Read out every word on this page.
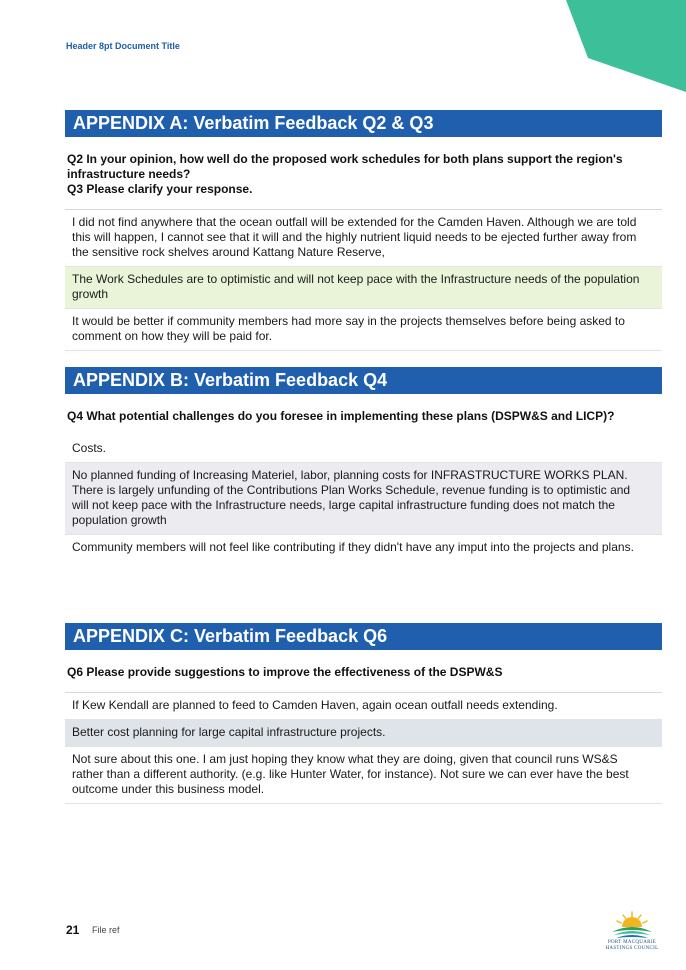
Header 8pt Document Title
APPENDIX A: Verbatim Feedback Q2 & Q3
Q2 In your opinion, how well do the proposed work schedules for both plans support the region's infrastructure needs?
Q3 Please clarify your response.
I did not find anywhere that the ocean outfall will be extended for the Camden Haven. Although we are told this will happen, I cannot see that it will and the highly nutrient liquid needs to be ejected further away from the sensitive rock shelves around Kattang Nature Reserve,
The Work Schedules are to optimistic and will not keep pace with the Infrastructure needs of the population growth
It would be better if community members had more say in the projects themselves before being asked to comment on how they will be paid for.
APPENDIX B: Verbatim Feedback Q4
Q4 What potential challenges do you foresee in implementing these plans (DSPW&S and LICP)?
Costs.
No planned funding of Increasing Materiel, labor, planning costs for INFRASTRUCTURE WORKS PLAN. There is largely unfunding of the Contributions Plan Works Schedule, revenue funding is to optimistic and will not keep pace with the Infrastructure needs, large capital infrastructure funding does not match the population growth
Community members will not feel like contributing if they didn't have any imput into the projects and plans.
APPENDIX C: Verbatim Feedback Q6
Q6 Please provide suggestions to improve the effectiveness of the DSPW&S
If Kew Kendall are planned to feed to Camden Haven, again ocean outfall needs extending.
Better cost planning for large capital infrastructure projects.
Not sure about this one. I am just hoping they know what they are doing, given that council runs WS&S rather than a different authority. (e.g. like Hunter Water, for instance). Not sure we can ever have the best outcome under this business model.
21 File ref
PORT MACQUARIE
HASTINGS COUNCIL
